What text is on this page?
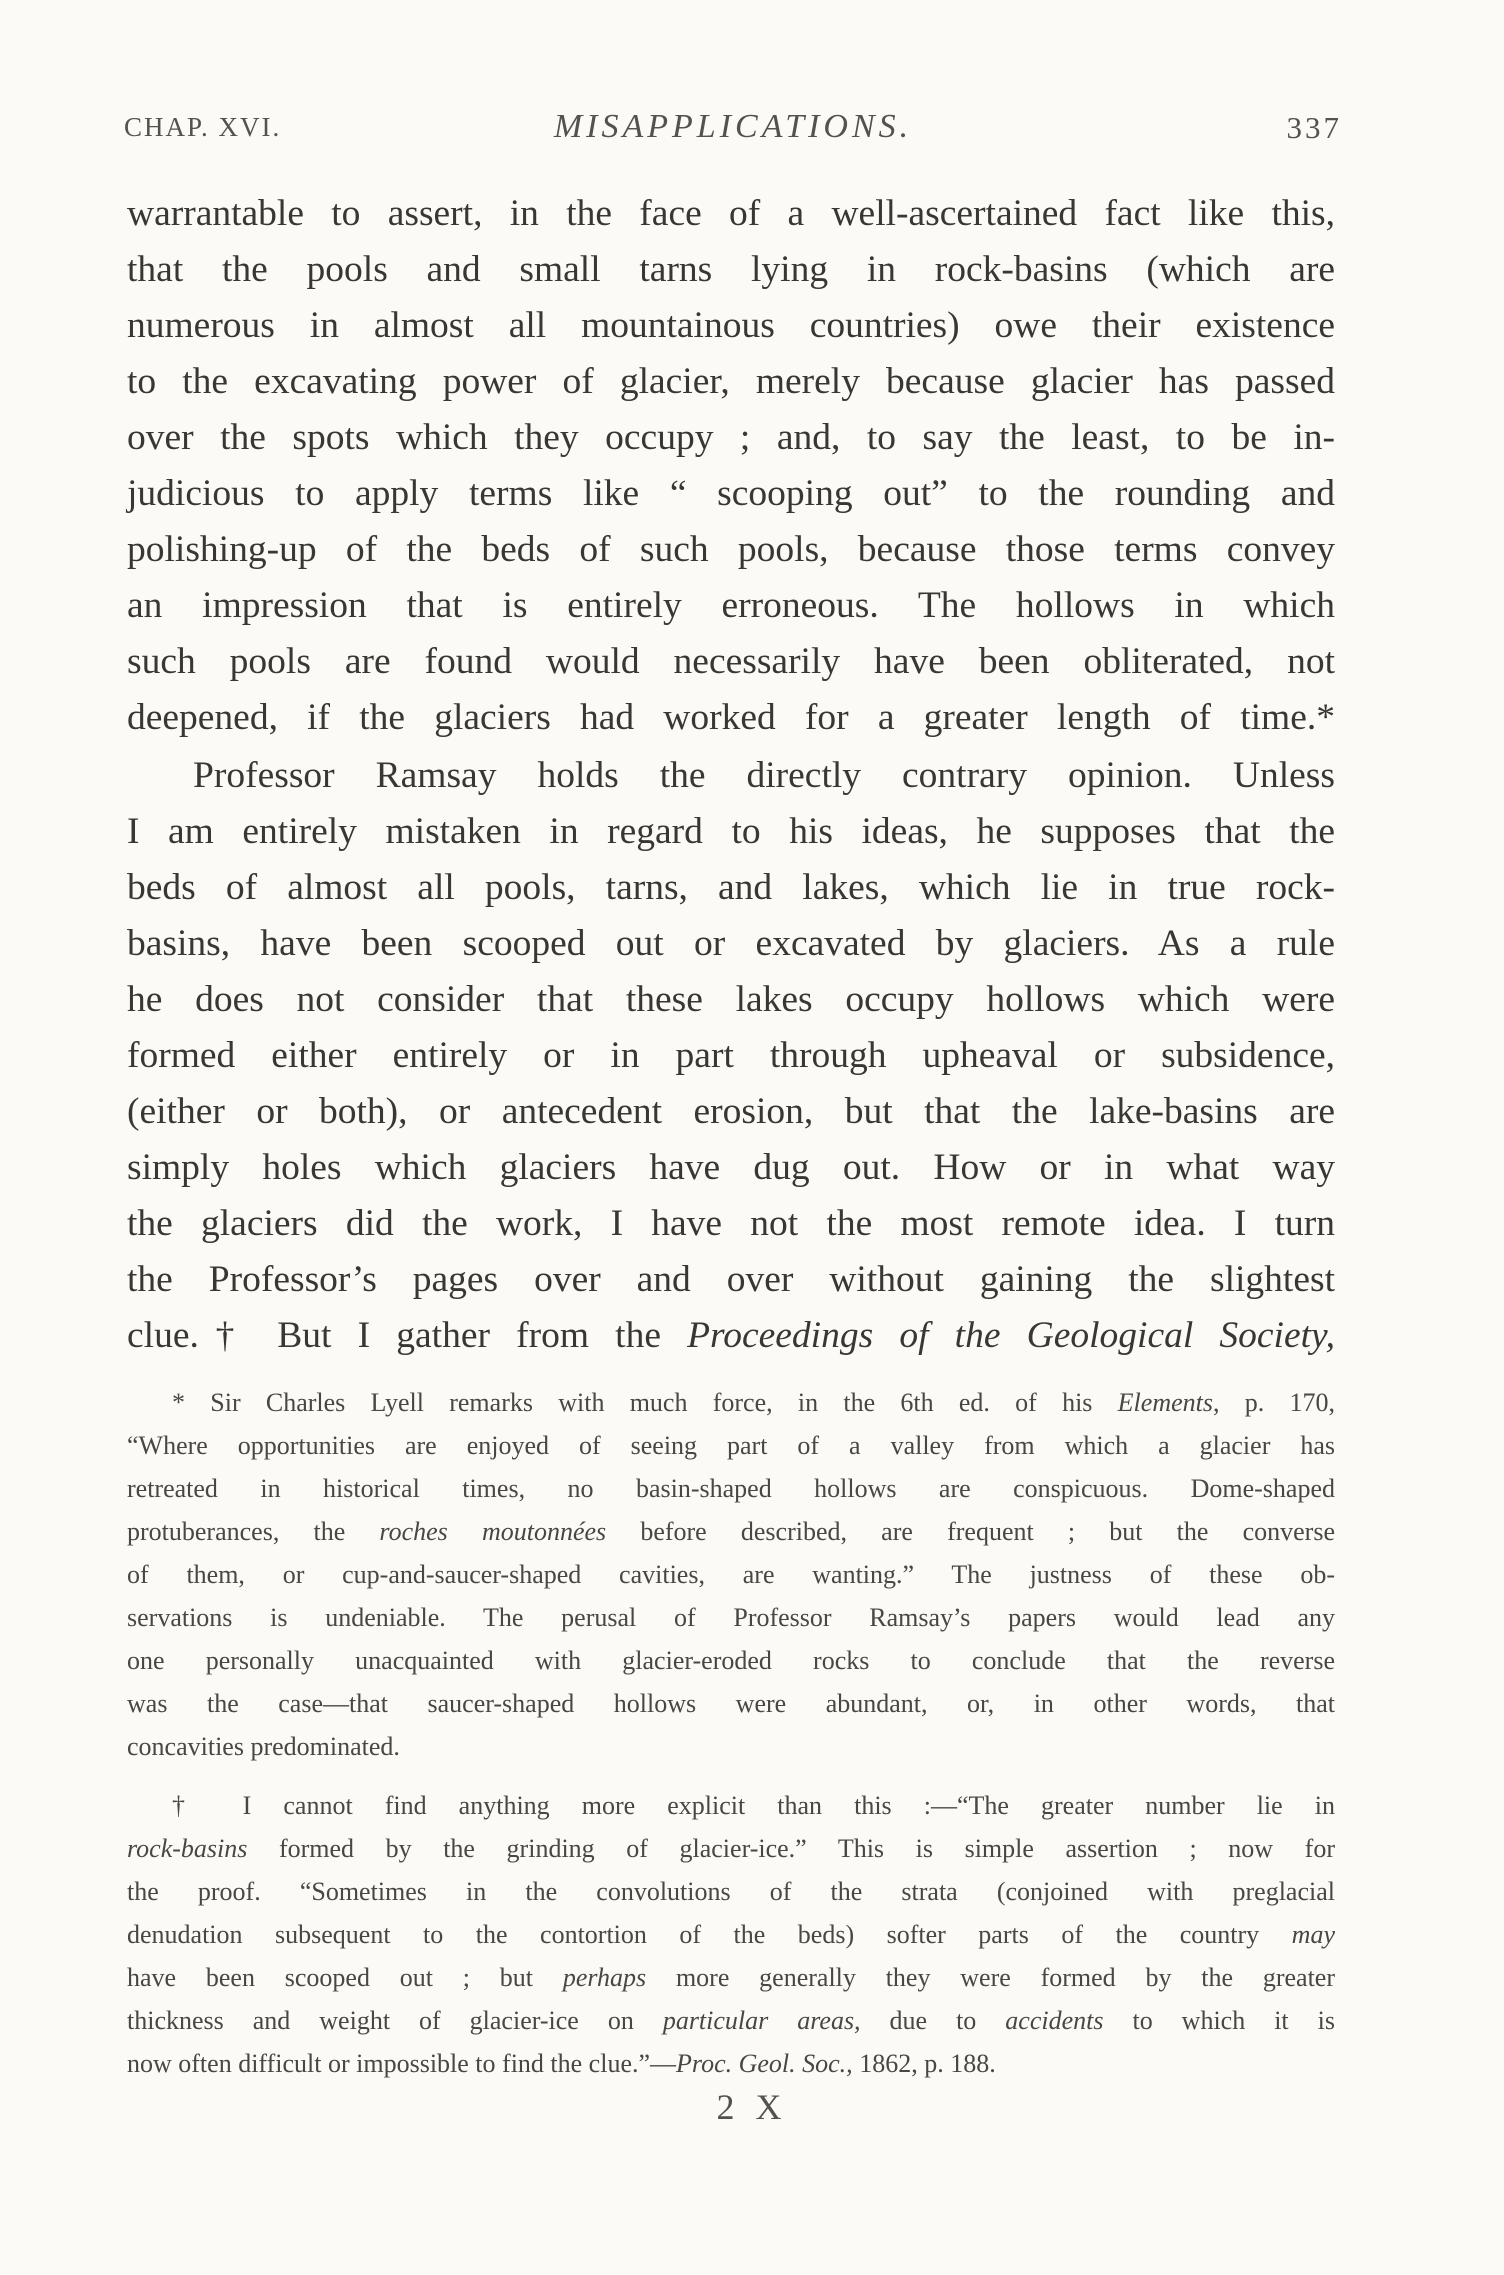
CHAP. XVI.	MISAPPLICATIONS.	337
warrantable to assert, in the face of a well-ascertained fact like this,
that the pools and small tarns lying in rock-basins (which are
numerous in almost all mountainous countries) owe their existence
to the excavating power of glacier, merely because glacier has passed
over the spots which they occupy ; and, to say the least, to be in-
judicious to apply terms like “ scooping out” to the rounding and
polishing-up of the beds of such pools, because those terms convey
an impression that is entirely erroneous. The hollows in which
such pools are found would necessarily have been obliterated, not
deepened, if the glaciers had worked for a greater length of time.*
Professor Ramsay holds the directly contrary opinion. Unless
I am entirely mistaken in regard to his ideas, he supposes that the
beds of almost all pools, tarns, and lakes, which lie in true rock-
basins, have been scooped out or excavated by glaciers. As a rule
he does not consider that these lakes occupy hollows which were
formed either entirely or in part through upheaval or subsidence,
(either or both), or antecedent erosion, but that the lake-basins are
simply holes which glaciers have dug out. How or in what way
the glaciers did the work, I have not the most remote idea. I turn
the Professor’s pages over and over without gaining the slightest
clue.† But I gather from the Proceedings of the Geological Society,
* Sir Charles Lyell remarks with much force, in the 6th ed. of his Elements, p. 170,
“Where opportunities are enjoyed of seeing part of a valley from which a glacier has
retreated in historical times, no basin-shaped hollows are conspicuous. Dome-shaped
protuberances, the roches moutonnées before described, are frequent ; but the converse
of them, or cup-and-saucer-shaped cavities, are wanting.” The justness of these ob-
servations is undeniable. The perusal of Professor Ramsay’s papers would lead any
one personally unacquainted with glacier-eroded rocks to conclude that the reverse
was the case—that saucer-shaped hollows were abundant, or, in other words, that
concavities predominated.
† I cannot find anything more explicit than this :—“The greater number lie in
rock-basins formed by the grinding of glacier-ice.” This is simple assertion ; now for
the proof. “Sometimes in the convolutions of the strata (conjoined with preglacial
denudation subsequent to the contortion of the beds) softer parts of the country may
have been scooped out ; but perhaps more generally they were formed by the greater
thickness and weight of glacier-ice on particular areas, due to accidents to which it is
now often difficult or impossible to find the clue.”—Proc. Geol. Soc., 1862, p. 188.
2 X
